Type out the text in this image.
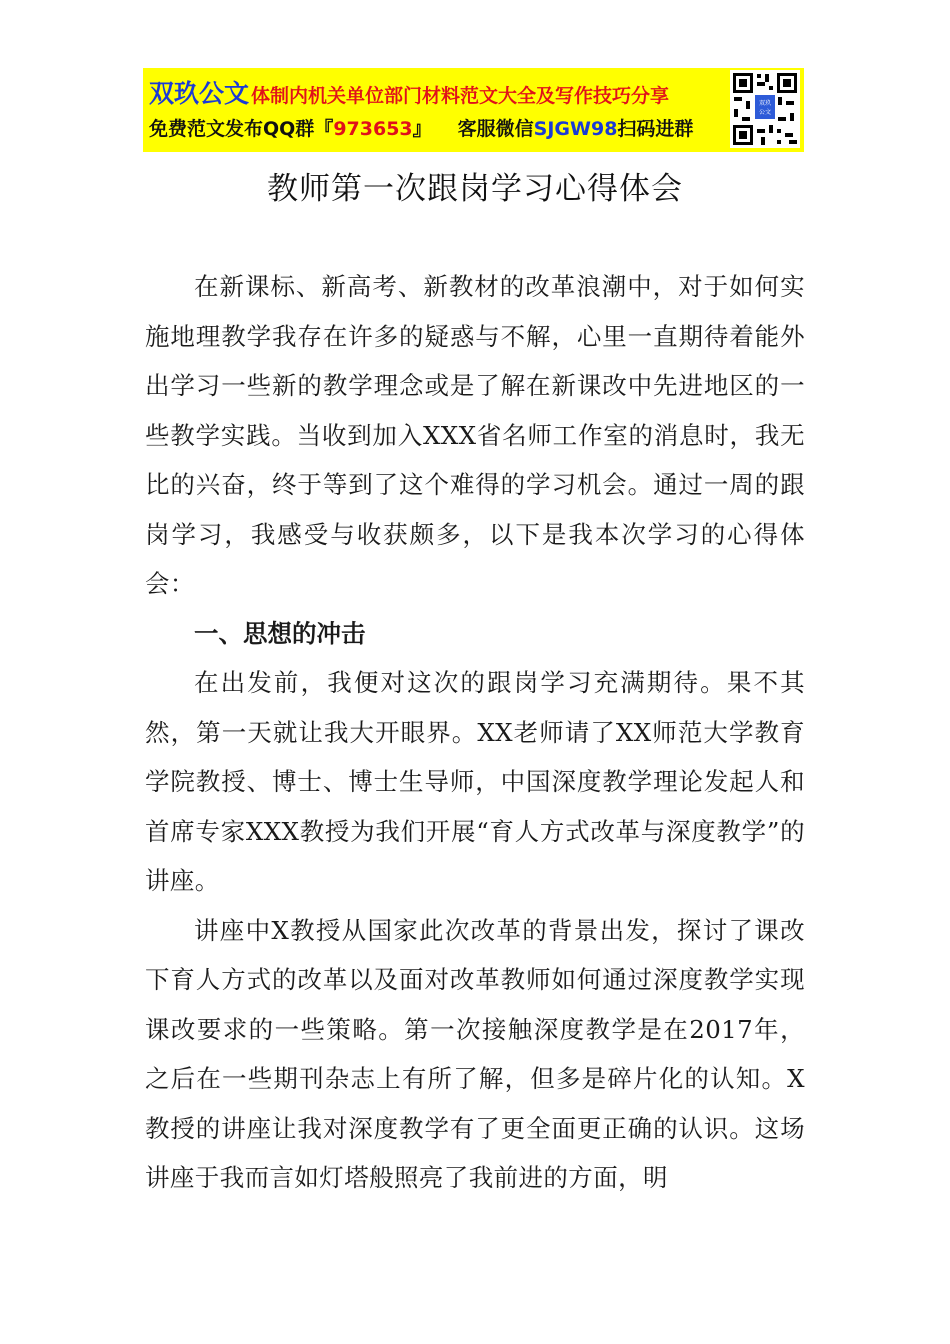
双玖公文 体制内机关单位部门材料范文大全及写作技巧分享
免费范文发布QQ群『973653』 客服微信SJGW98扫码进群
双玖
公文
教师第一次跟岗学习心得体会

在新课标、新高考、新教材的改革浪潮中，对于如何实施地理教学我存在许多的疑惑与不解，心里一直期待着能外出学习一些新的教学理念或是了解在新课改中先进地区的一些教学实践。当收到加入XXX省名师工作室的消息时，我无比的兴奋，终于等到了这个难得的学习机会。通过一周的跟岗学习，我感受与收获颇多，以下是我本次学习的心得体会：

一、思想的冲击

在出发前，我便对这次的跟岗学习充满期待。果不其然，第一天就让我大开眼界。XX老师请了XX师范大学教育学院教授、博士、博士生导师，中国深度教学理论发起人和首席专家XXX教授为我们开展“育人方式改革与深度教学”的讲座。

讲座中X教授从国家此次改革的背景出发，探讨了课改下育人方式的改革以及面对改革教师如何通过深度教学实现课改要求的一些策略。第一次接触深度教学是在2017年，之后在一些期刊杂志上有所了解，但多是碎片化的认知。X教授的讲座让我对深度教学有了更全面更正确的认识。这场讲座于我而言如灯塔般照亮了我前进的方面，明
